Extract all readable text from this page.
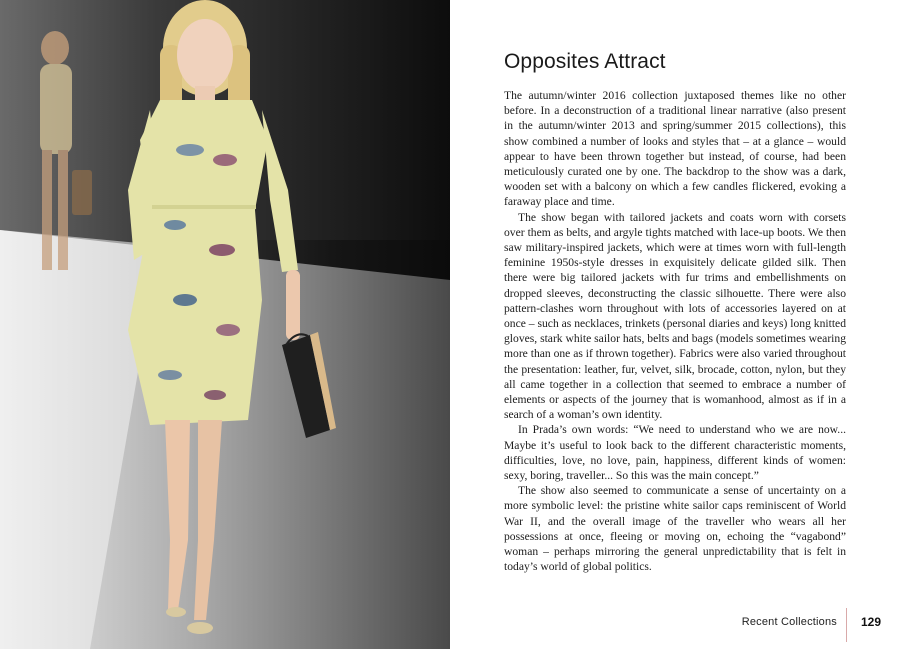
Opposites Attract

The autumn/winter 2016 collection juxtaposed themes like no other before. In a deconstruction of a traditional linear narrative (also present in the autumn/winter 2013 and spring/summer 2015 collections), this show combined a number of looks and styles that – at a glance – would appear to have been thrown together but instead, of course, had been meticulously curated one by one. The backdrop to the show was a dark, wooden set with a balcony on which a few candles flickered, evoking a faraway place and time.

The show began with tailored jackets and coats worn with corsets over them as belts, and argyle tights matched with lace-up boots. We then saw military-inspired jackets, which were at times worn with full-length feminine 1950s-style dresses in exquisitely delicate gilded silk. Then there were big tailored jackets with fur trims and embellishments on dropped sleeves, deconstructing the classic silhouette. There were also pattern-clashes worn throughout with lots of accessories layered on at once – such as necklaces, trinkets (personal diaries and keys) long knitted gloves, stark white sailor hats, belts and bags (models sometimes wearing more than one as if thrown together). Fabrics were also varied throughout the presentation: leather, fur, velvet, silk, brocade, cotton, nylon, but they all came together in a collection that seemed to embrace a number of elements or aspects of the journey that is womanhood, almost as if in a search of a woman’s own identity.

In Prada’s own words: “We need to understand who we are now... Maybe it’s useful to look back to the different characteristic moments, difficulties, love, no love, pain, happiness, different kinds of women: sexy, boring, traveller... So this was the main concept.”

The show also seemed to communicate a sense of uncertainty on a more symbolic level: the pristine white sailor caps reminiscent of World War II, and the overall image of the traveller who wears all her possessions at once, fleeing or moving on, echoing the “vagabond” woman – perhaps mirroring the general unpredictability that is felt in today’s world of global politics.

Recent Collections 129
